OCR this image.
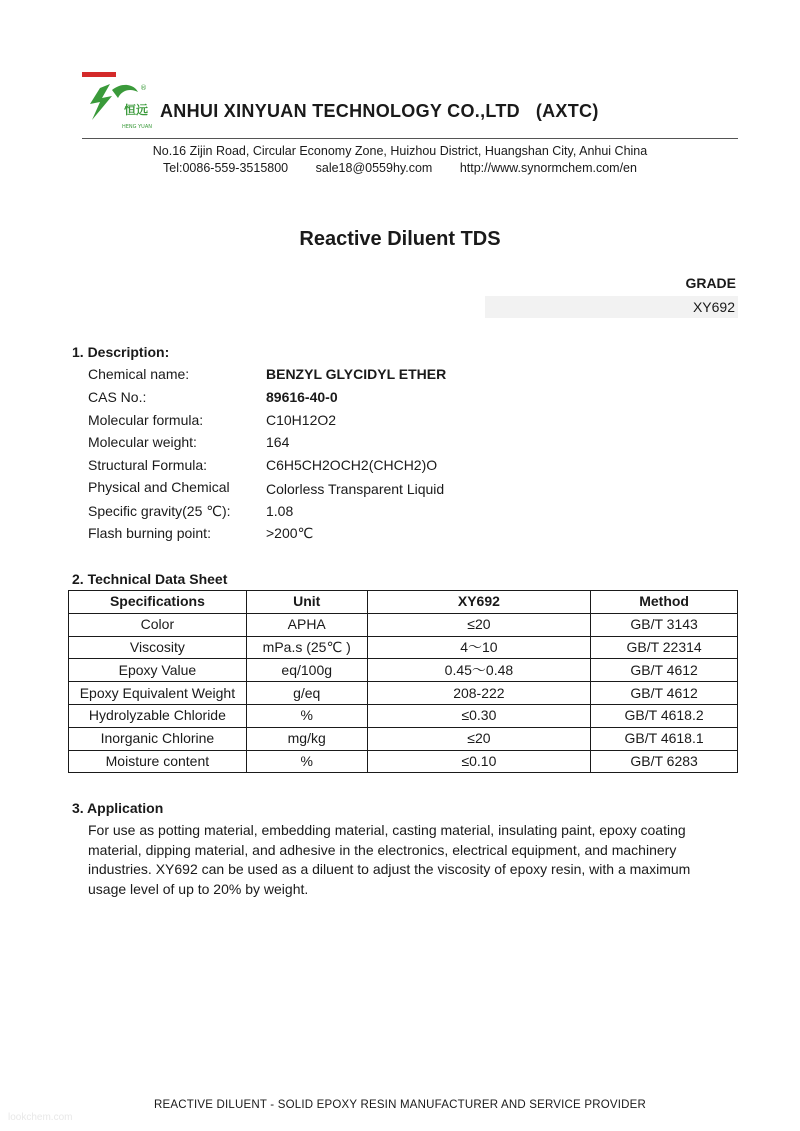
恒远
HENG YUAN
®
ANHUI XINYUAN TECHNOLOGY CO.,LTD   (AXTC)
No.16 Zijin Road, Circular Economy Zone, Huizhou District, Huangshan City, Anhui China
Tel:0086-559-3515800 sale18@0559hy.com http://www.synormchem.com/en
Reactive Diluent TDS
GRADE
XY692
1. Description:
Chemical name:	BENZYL GLYCIDYL ETHER
CAS No.:	89616-40-0
Molecular formula:	C10H12O2
Molecular weight:	164
Structural Formula:	C6H5CH2OCH2(CHCH2)O
Physical and Chemical	Colorless Transparent Liquid
Specific gravity(25 ℃):	1.08
Flash burning point:	>200℃
2. Technical Data Sheet
Specifications	Unit	XY692	Method
Color	APHA	≤20	GB/T 3143
Viscosity	mPa.s (25℃ )	4～10	GB/T 22314
Epoxy Value	eq/100g	0.45～0.48	GB/T 4612
Epoxy Equivalent Weight	g/eq	208-222	GB/T 4612
Hydrolyzable Chloride	%	≤0.30	GB/T 4618.2
Inorganic Chlorine	mg/kg	≤20	GB/T 4618.1
Moisture content	%	≤0.10	GB/T 6283
3. Application
For use as potting material, embedding material, casting material, insulating paint, epoxy coating material, dipping material, and adhesive in the electronics, electrical equipment, and machinery industries. XY692 can be used as a diluent to adjust the viscosity of epoxy resin, with a maximum usage level of up to 20% by weight.
REACTIVE DILUENT - SOLID EPOXY RESIN MANUFACTURER AND SERVICE PROVIDER
lookchem.com
